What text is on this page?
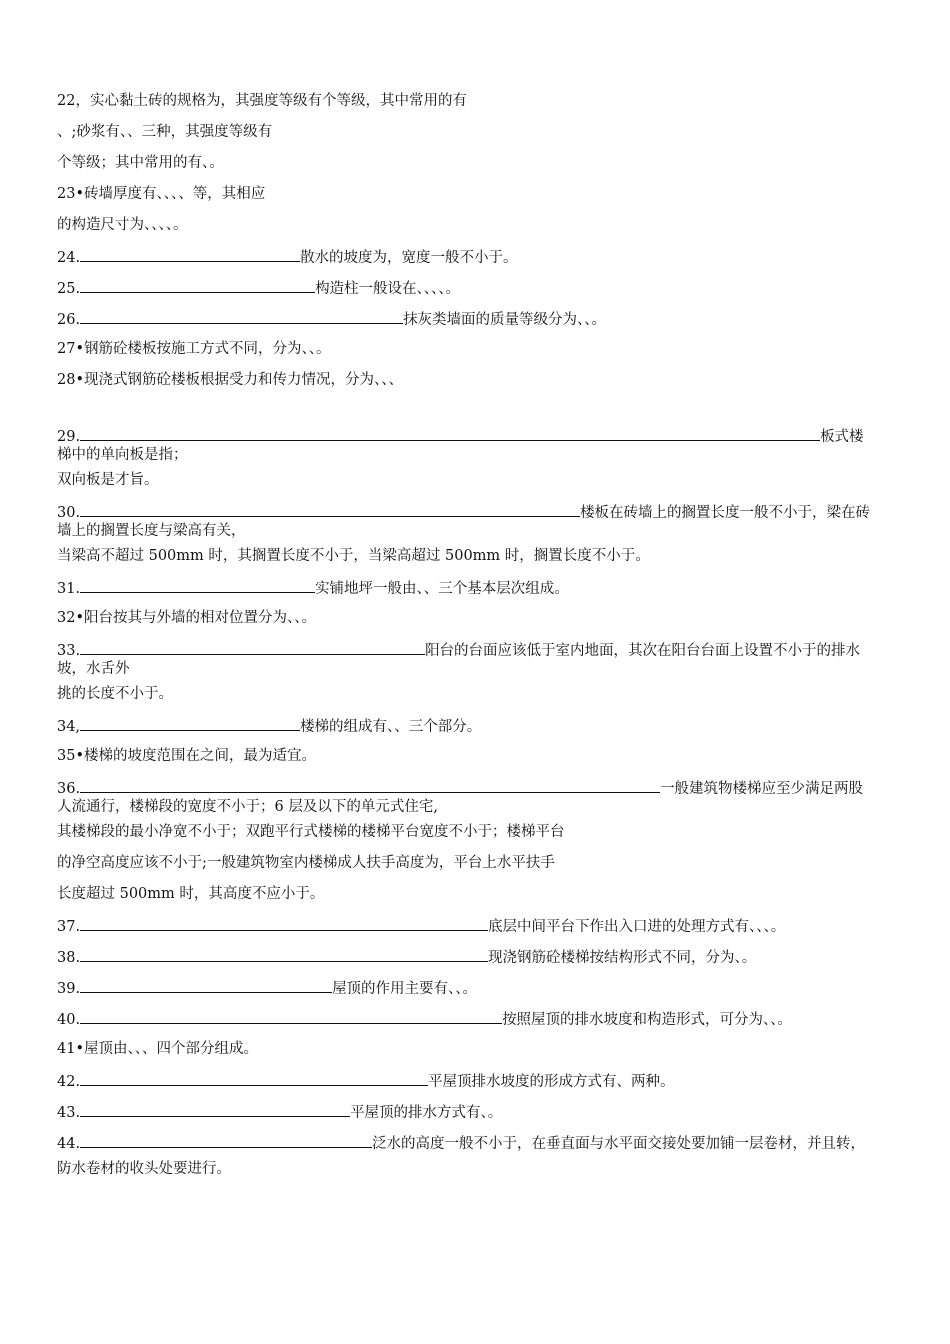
22，实心黏土砖的规格为，其强度等级有个等级，其中常用的有
、;砂浆有、、三种，其强度等级有
个等级；其中常用的有、。
23•砖墙厚度有、、、、等，其相应
的构造尺寸为、、、、。
24.	散水的坡度为，宽度一般不小于。
25.	构造柱一般设在、、、、。
26.	抹灰类墙面的质量等级分为、、。
27•钢筋砼楼板按施工方式不同，分为、、。
28•现浇式钢筋砼楼板根据受力和传力情况，分为、、、
29.	板式楼梯中的单向板是指；
双向板是才旨。
30.	楼板在砖墙上的搁置长度一般不小于，梁在砖墙上的搁置长度与梁高有关，
当梁高不超过 500mm 时，其搁置长度不小于，当梁高超过 500mm 时，搁置长度不小于。
31.	实铺地坪一般由、、三个基本层次组成。
32•阳台按其与外墙的相对位置分为、、。
33.	阳台的台面应该低于室内地面，其次在阳台台面上设置不小于的排水坡，水舌外
挑的长度不小于。
34,	楼梯的组成有、、三个部分。
35•楼梯的坡度范围在之间，最为适宜。
36.	一般建筑物楼梯应至少满足两股人流通行，楼梯段的宽度不小于；6 层及以下的单元式住宅,
其楼梯段的最小净宽不小于；双跑平行式楼梯的楼梯平台宽度不小于；楼梯平台
的净空高度应该不小于;一般建筑物室内楼梯成人扶手高度为，平台上水平扶手
长度超过 500mm 时，其高度不应小于。
37.	底层中间平台下作出入口进的处理方式有、、、。
38.	现浇钢筋砼楼梯按结构形式不同，分为、。
39.	屋顶的作用主要有、、。
40.	按照屋顶的排水坡度和构造形式，可分为、、。
41•屋顶由、、、四个部分组成。
42.	平屋顶排水坡度的形成方式有、两种。
43.	平屋顶的排水方式有、。
44.	泛水的高度一般不小于，在垂直面与水平面交接处要加铺一层卷材，并且转，
防水卷材的收头处要进行。
